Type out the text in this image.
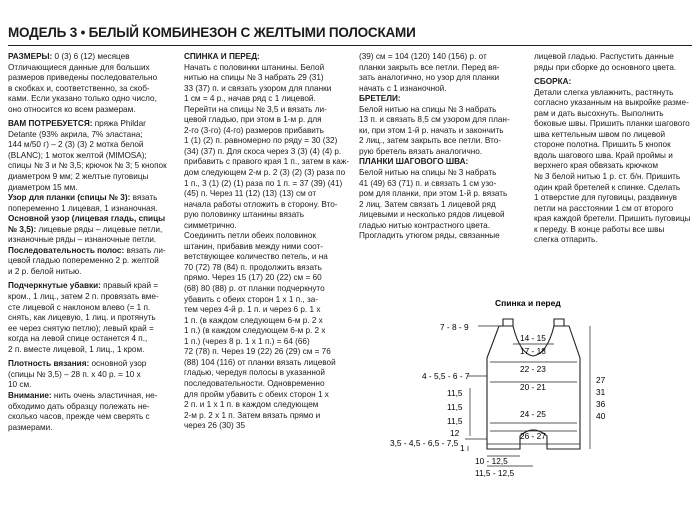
МОДЕЛЬ 3 • БЕЛЫЙ КОМБИНЕЗОН С ЖЕЛТЫМИ ПОЛОСКАМИ

РАЗМЕРЫ: 0 (3) 6 (12) месяцев

Отличающиеся данные для больших

размеров приведены последовательно

в скобках и, соответственно, за скоб-

ками. Если указано только одно число,

оно относится ко всем размерам.

ВАМ ПОТРЕБУЕТСЯ: пряжа Phildar

Detante (93% акрила, 7% эластана;

144 м/50 г) – 2 (3) (3) 2 мотка белой

(BLANC); 1 моток желтой (MIMOSA);

спицы № 3 и № 3,5; крючок № 3; 5 кнопок

диаметром 9 мм; 2 желтые пуговицы

диаметром 15 мм.

Узор для планки (спицы № 3): вязать

попеременно 1 лицевая, 1 изнаночная.

Основной узор (лицевая гладь, спицы

№ 3,5): лицевые ряды – лицевые петли,

изнаночные ряды – изнаночные петли.

Последовательность полос: вязать ли-

цевой гладью попеременно 2 р. желтой

и 2 р. белой нитью.

Подчеркнутые убавки: правый край =

кром., 1 лиц., затем 2 п. провязать вме-

сте лицевой с наклоном влево (= 1 п.

снять, как лицевую, 1 лиц. и протянуть

ее через снятую петлю); левый край =

когда на левой спице останется 4 п.,

2 п. вместе лицевой, 1 лиц., 1 кром.

Плотность вязания: основной узор

(спицы № 3,5) – 28 п. х 40 р. = 10 х

10 см.

Внимание: нить очень эластичная, не-

обходимо дать образцу полежать не-

сколько часов, прежде чем сверять с

размерами.

СПИНКА И ПЕРЕД:

Начать с половинки штанины. Белой

нитью на спицы № 3 набрать 29 (31)

33 (37) п. и связать узором для планки

1 см = 4 р., начав ряд с 1 лицевой.

Перейти на спицы № 3,5 и вязать ли-

цевой гладью, при этом в 1-м р. для

2-го (3-го) (4-го) размеров прибавить

1 (1) (2) п. равномерно по ряду = 30 (32)

(34) (37) п. Для скоса через 3 (3) (4) (4) р.

прибавить с правого края 1 п., затем в каж-

дом следующем 2-м р. 2 (3) (2) (3) раза по

1 п., 3 (1) (2) (1) раза по 1 п. = 37 (39) (41)

(45) п. Через 11 (12) (13) (13) см от

начала работы отложить в сторону. Вто-

рую половинку штанины вязать симметрично.

Соединить петли обеих половинок

штанин, прибавив между ними соот-

ветствующее количество петель, и на

70 (72) 78 (84) п. продолжить вязать

прямо. Через 15 (17) 20 (22) см = 60

(68) 80 (88) р. от планки подчеркнуто

убавить с обеих сторон 1 x 1 п., за-

тем через 4-й р. 1 п. и через 6 р. 1 x

1 п. (в каждом следующем 6-м р. 2 x

1 п.) (в каждом следующем 6-м р. 2 x

1 п.) (через 8 р. 1 x 1 п.) = 64 (66)

72 (78) п. Через 19 (22) 26 (29) см = 76

(88) 104 (116) от планки вязать лицевой

гладью, чередуя полосы в указанной

последовательности. Одновременно

для пройм убавить с обеих сторон 1 x

2 п. и 1 x 1 п. в каждом следующем

2-м р. 2 x 1 п. Затем вязать прямо и

через 26 (30) 35

(39) см = 104 (120) 140 (156) р. от

планки закрыть все петли. Перед вя-

зать аналогично, но узор для планки

начать с 1 изнаночной.

БРЕТЕЛИ:

Белой нитью на спицы № 3 набрать

13 п. и связать 8,5 см узором для план-

ки, при этом 1-й р. начать и закончить

2 лиц., затем закрыть все петли. Вто-

рую бретель вязать аналогично.

ПЛАНКИ ШАГОВОГО ШВА:

Белой нитью на спицы № 3 набрать

41 (49) 63 (71) п. и связать 1 см узо-

ром для планки, при этом 1-й р. вязать

2 лиц. Затем связать 1 лицевой ряд

лицевыми и несколько рядов лицевой

гладью нитью контрастного цвета.

Прогладить утюгом ряды, связанные

лицевой гладью. Распустить данные

ряды при сборке до основного цвета.

СБОРКА:

Детали слегка увлажнить, растянуть

согласно указанным на выкройке разме-

рам и дать высохнуть. Выполнить

боковые швы. Пришить планки шагового

шва кеттельным швом по лицевой

стороне полотна. Пришить 5 кнопок

вдоль шагового шва. Край проймы и

верхнего края обвязать крючком

№ 3 белой нитью 1 р. ст. б/н. Пришить

один край бретелей к спинке. Сделать

1 отверстие для пуговицы, раздвинув

петли на расстоянии 1 см от второго

края каждой бретели. Пришить пуговицы

к переду. В конце работы все швы

слегка отпарить.

Спинка и перед
7 - 8 - 9
14 - 15
17 - 18
4 - 5,5 - 6 - 7
22 - 23
20 - 21
11,5
11,5
11,5
27
31
36
40
24 - 25
26 - 27
12
1
3,5 - 4,5 - 6,5 - 7,5
10 - 12,5
11,5 - 12,5
